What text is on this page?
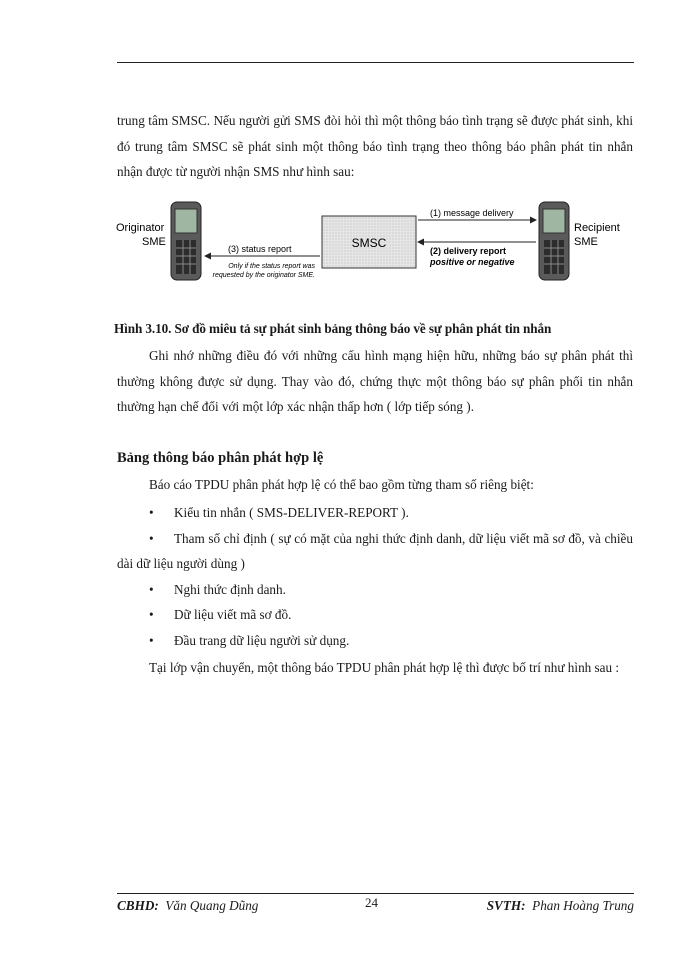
trung tâm SMSC. Nếu người gửi SMS đòi hỏi thì một thông báo tình trạng sẽ được phát sinh, khi đó trung tâm SMSC sẽ phát sinh một thông báo tình trạng theo thông báo phân phát tin nhắn nhận được từ người nhận SMS như hình sau:
Originator
SME
Recipient
SME
SMSC
(1) message delivery
(2) delivery report
positive or negative
(3) status report
Only if the status report was
requested by the originator SME.
Hình 3.10. Sơ đồ miêu tả sự phát sinh bảng thông báo về sự phân phát tin nhắn
Ghi nhớ những điều đó với những cấu hình mạng hiện hữu, những báo sự phân phát thì thường không được sử dụng. Thay vào đó, chứng thực một thông báo sự phân phối tin nhắn thường hạn chế đối với một lớp xác nhận thấp hơn ( lớp tiếp sóng ).
Bảng thông báo phân phát hợp lệ
Báo cáo TPDU phân phát hợp lệ có thể bao gồm từng tham số riêng biệt:
• Kiểu tin nhắn ( SMS-DELIVER-REPORT ).
• Tham số chỉ định ( sự có mặt của nghi thức định danh, dữ liệu viết mã sơ đồ, và chiều dài dữ liệu người dùng )
• Nghi thức định danh.
• Dữ liệu viết mã sơ đồ.
• Đầu trang dữ liệu người sử dụng.
Tại lớp vận chuyển, một thông báo TPDU phân phát hợp lệ thì được bố trí như hình sau :
CBHD: Văn Quang Dũng	24	SVTH: Phan Hoàng Trung
